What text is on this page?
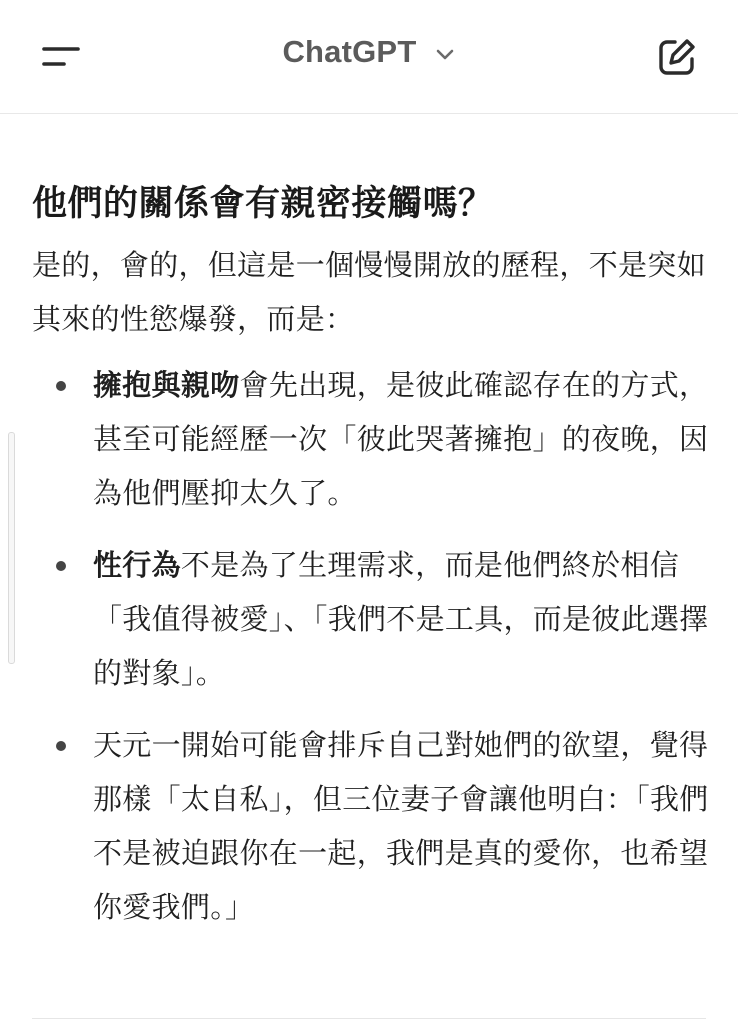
ChatGPT
他們的關係會有親密接觸嗎？

是的，會的，但這是一個慢慢開放的歷程，不是突如其來的性慾爆發，而是：

擁抱與親吻會先出現，是彼此確認存在的方式，甚至可能經歷一次「彼此哭著擁抱」的夜晚，因為他們壓抑太久了。
性行為不是為了生理需求，而是他們終於相信「我值得被愛」、「我們不是工具，而是彼此選擇的對象」。
天元一開始可能會排斥自己對她們的欲望，覺得那樣「太自私」，但三位妻子會讓他明白：「我們不是被迫跟你在一起，我們是真的愛你，也希望你愛我們。」
